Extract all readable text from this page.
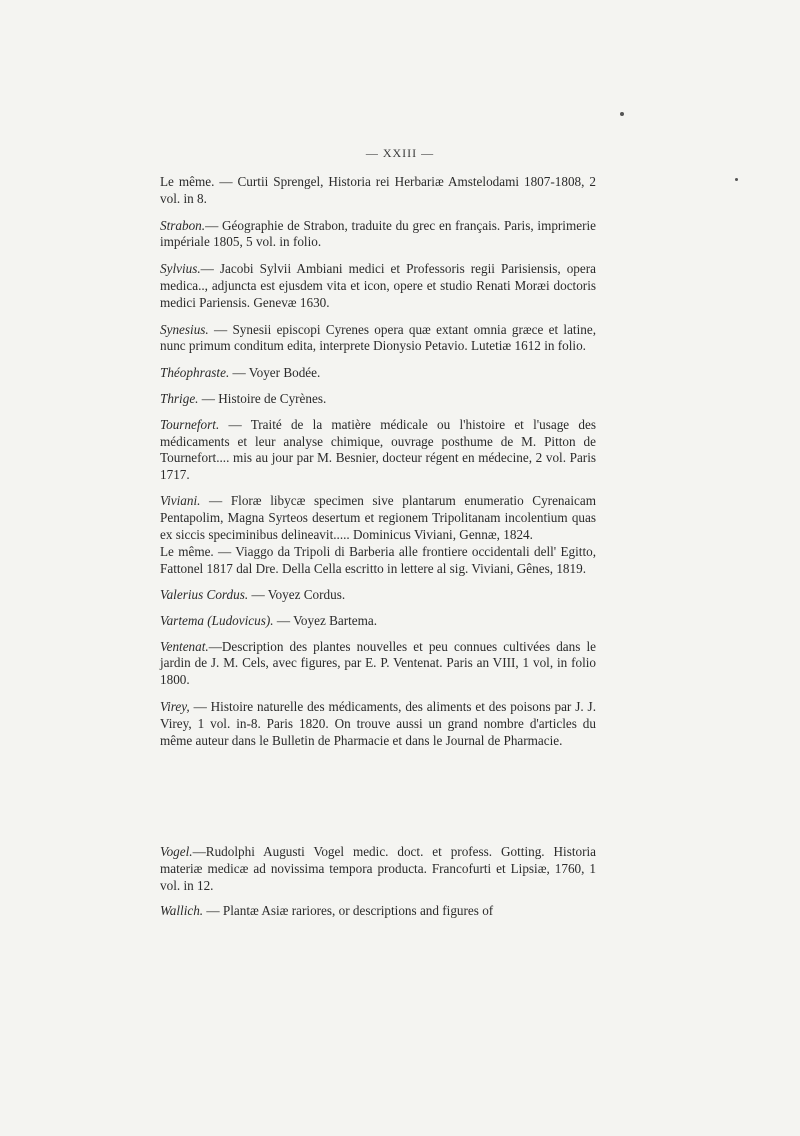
— XXIII —

Le même. — Curtii Sprengel, Historia rei Herbariæ Amstelodami 1807-1808, 2 vol. in 8.

Strabon.— Géographie de Strabon, traduite du grec en français. Paris, imprimerie impériale 1805, 5 vol. in folio.

Sylvius.— Jacobi Sylvii Ambiani medici et Professoris regii Parisiensis, opera medica.., adjuncta est ejusdem vita et icon, opere et studio Renati Moræi doctoris medici Pariensis. Genevæ 1630.

Synesius. — Synesii episcopi Cyrenes opera quæ extant omnia græce et latine, nunc primum conditum edita, interprete Dionysio Petavio. Lutetiæ 1612 in folio.

Théophraste. — Voyer Bodée.

Thrige. — Histoire de Cyrènes.

Tournefort. — Traité de la matière médicale ou l'histoire et l'usage des médicaments et leur analyse chimique, ouvrage posthume de M. Pitton de Tournefort.... mis au jour par M. Besnier, docteur régent en médecine, 2 vol. Paris 1717.

Viviani. — Floræ libycæ specimen sive plantarum enumeratio Cyrenaicam Pentapolim, Magna Syrteos desertum et regionem Tripolitanam incolentium quas ex siccis speciminibus delineavit..... Dominicus Viviani, Gennæ, 1824.

Le même. — Viaggo da Tripoli di Barberia alle frontiere occidentali dell' Egitto, Fattonel 1817 dal Dre. Della Cella escritto in lettere al sig. Viviani, Gênes, 1819.

Valerius Cordus. — Voyez Cordus.

Vartema (Ludovicus). — Voyez Bartema.

Ventenat.—Description des plantes nouvelles et peu connues cultivées dans le jardin de J. M. Cels, avec figures, par E. P. Ventenat. Paris an VIII, 1 vol, in folio 1800.

Virey, — Histoire naturelle des médicaments, des aliments et des poisons par J. J. Virey, 1 vol. in-8. Paris 1820. On trouve aussi un grand nombre d'articles du même auteur dans le Bulletin de Pharmacie et dans le Journal de Pharmacie.

Vogel.—Rudolphi Augusti Vogel medic. doct. et profess. Gotting. Historia materiæ medicæ ad novissima tempora producta. Francofurti et Lipsiæ, 1760, 1 vol. in 12.

Wallich. — Plantæ Asiæ rariores, or descriptions and figures of
